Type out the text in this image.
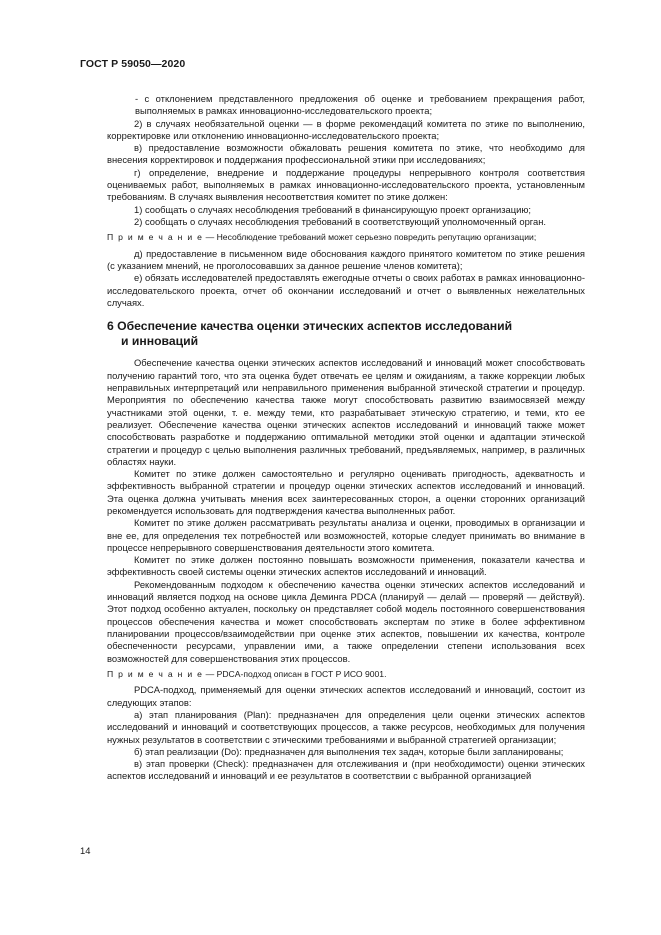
ГОСТ Р 59050—2020

- с отклонением представленного предложения об оценке и требованием прекращения работ, выполняемых в рамках инновационно-исследовательского проекта;

2) в случаях необязательной оценки — в форме рекомендаций комитета по этике по выполнению, корректировке или отклонению инновационно-исследовательского проекта;

в) предоставление возможности обжаловать решения комитета по этике, что необходимо для внесения корректировок и поддержания профессиональной этики при исследованиях;

г) определение, внедрение и поддержание процедуры непрерывного контроля соответствия оцениваемых работ, выполняемых в рамках инновационно-исследовательского проекта, установленным требованиям. В случаях выявления несоответствия комитет по этике должен:

1) сообщать о случаях несоблюдения требований в финансирующую проект организацию;

2) сообщать о случаях несоблюдения требований в соответствующий уполномоченный орган.

П р и м е ч а н и е — Несоблюдение требований может серьезно повредить репутацию организации;

д) предоставление в письменном виде обоснования каждого принятого комитетом по этике решения (с указанием мнений, не проголосовавших за данное решение членов комитета);

е) обязать исследователей предоставлять ежегодные отчеты о своих работах в рамках инновационно-исследовательского проекта, отчет об окончании исследований и отчет о выявленных нежелательных случаях.

6 Обеспечение качества оценки этических аспектов исследований
и инноваций

Обеспечение качества оценки этических аспектов исследований и инноваций может способствовать получению гарантий того, что эта оценка будет отвечать ее целям и ожиданиям, а также коррекции любых неправильных интерпретаций или неправильного применения выбранной этической стратегии и процедур. Мероприятия по обеспечению качества также могут способствовать развитию взаимосвязей между участниками этой оценки, т. е. между теми, кто разрабатывает этическую стратегию, и теми, кто ее реализует. Обеспечение качества оценки этических аспектов исследований и инноваций также может способствовать разработке и поддержанию оптимальной методики этой оценки и адаптации этической стратегии и процедур с целью выполнения различных требований, предъявляемых, например, в различных областях науки.

Комитет по этике должен самостоятельно и регулярно оценивать пригодность, адекватность и эффективность выбранной стратегии и процедур оценки этических аспектов исследований и инноваций. Эта оценка должна учитывать мнения всех заинтересованных сторон, а оценки сторонних организаций рекомендуется использовать для подтверждения качества выполненных работ.

Комитет по этике должен рассматривать результаты анализа и оценки, проводимых в организации и вне ее, для определения тех потребностей или возможностей, которые следует принимать во внимание в процессе непрерывного совершенствования деятельности этого комитета.

Комитет по этике должен постоянно повышать возможности применения, показатели качества и эффективность своей системы оценки этических аспектов исследований и инноваций.

Рекомендованным подходом к обеспечению качества оценки этических аспектов исследований и инноваций является подход на основе цикла Деминга PDCA (планируй — делай — проверяй — действуй). Этот подход особенно актуален, поскольку он представляет собой модель постоянного совершенствования процессов обеспечения качества и может способствовать экспертам по этике в более эффективном планировании процессов/взаимодействии при оценке этих аспектов, повышении их качества, контроле обеспеченности ресурсами, управлении ими, а также определении степени использования всех возможностей для совершенствования этих процессов.

П р и м е ч а н и е — PDCA-подход описан в ГОСТ Р ИСО 9001.

PDCA-подход, применяемый для оценки этических аспектов исследований и инноваций, состоит из следующих этапов:

а) этап планирования (Plan): предназначен для определения цели оценки этических аспектов исследований и инноваций и соответствующих процессов, а также ресурсов, необходимых для получения нужных результатов в соответствии с этическими требованиями и выбранной стратегией организации;

б) этап реализации (Do): предназначен для выполнения тех задач, которые были запланированы;

в) этап проверки (Check): предназначен для отслеживания и (при необходимости) оценки этических аспектов исследований и инноваций и ее результатов в соответствии с выбранной организацией

14
